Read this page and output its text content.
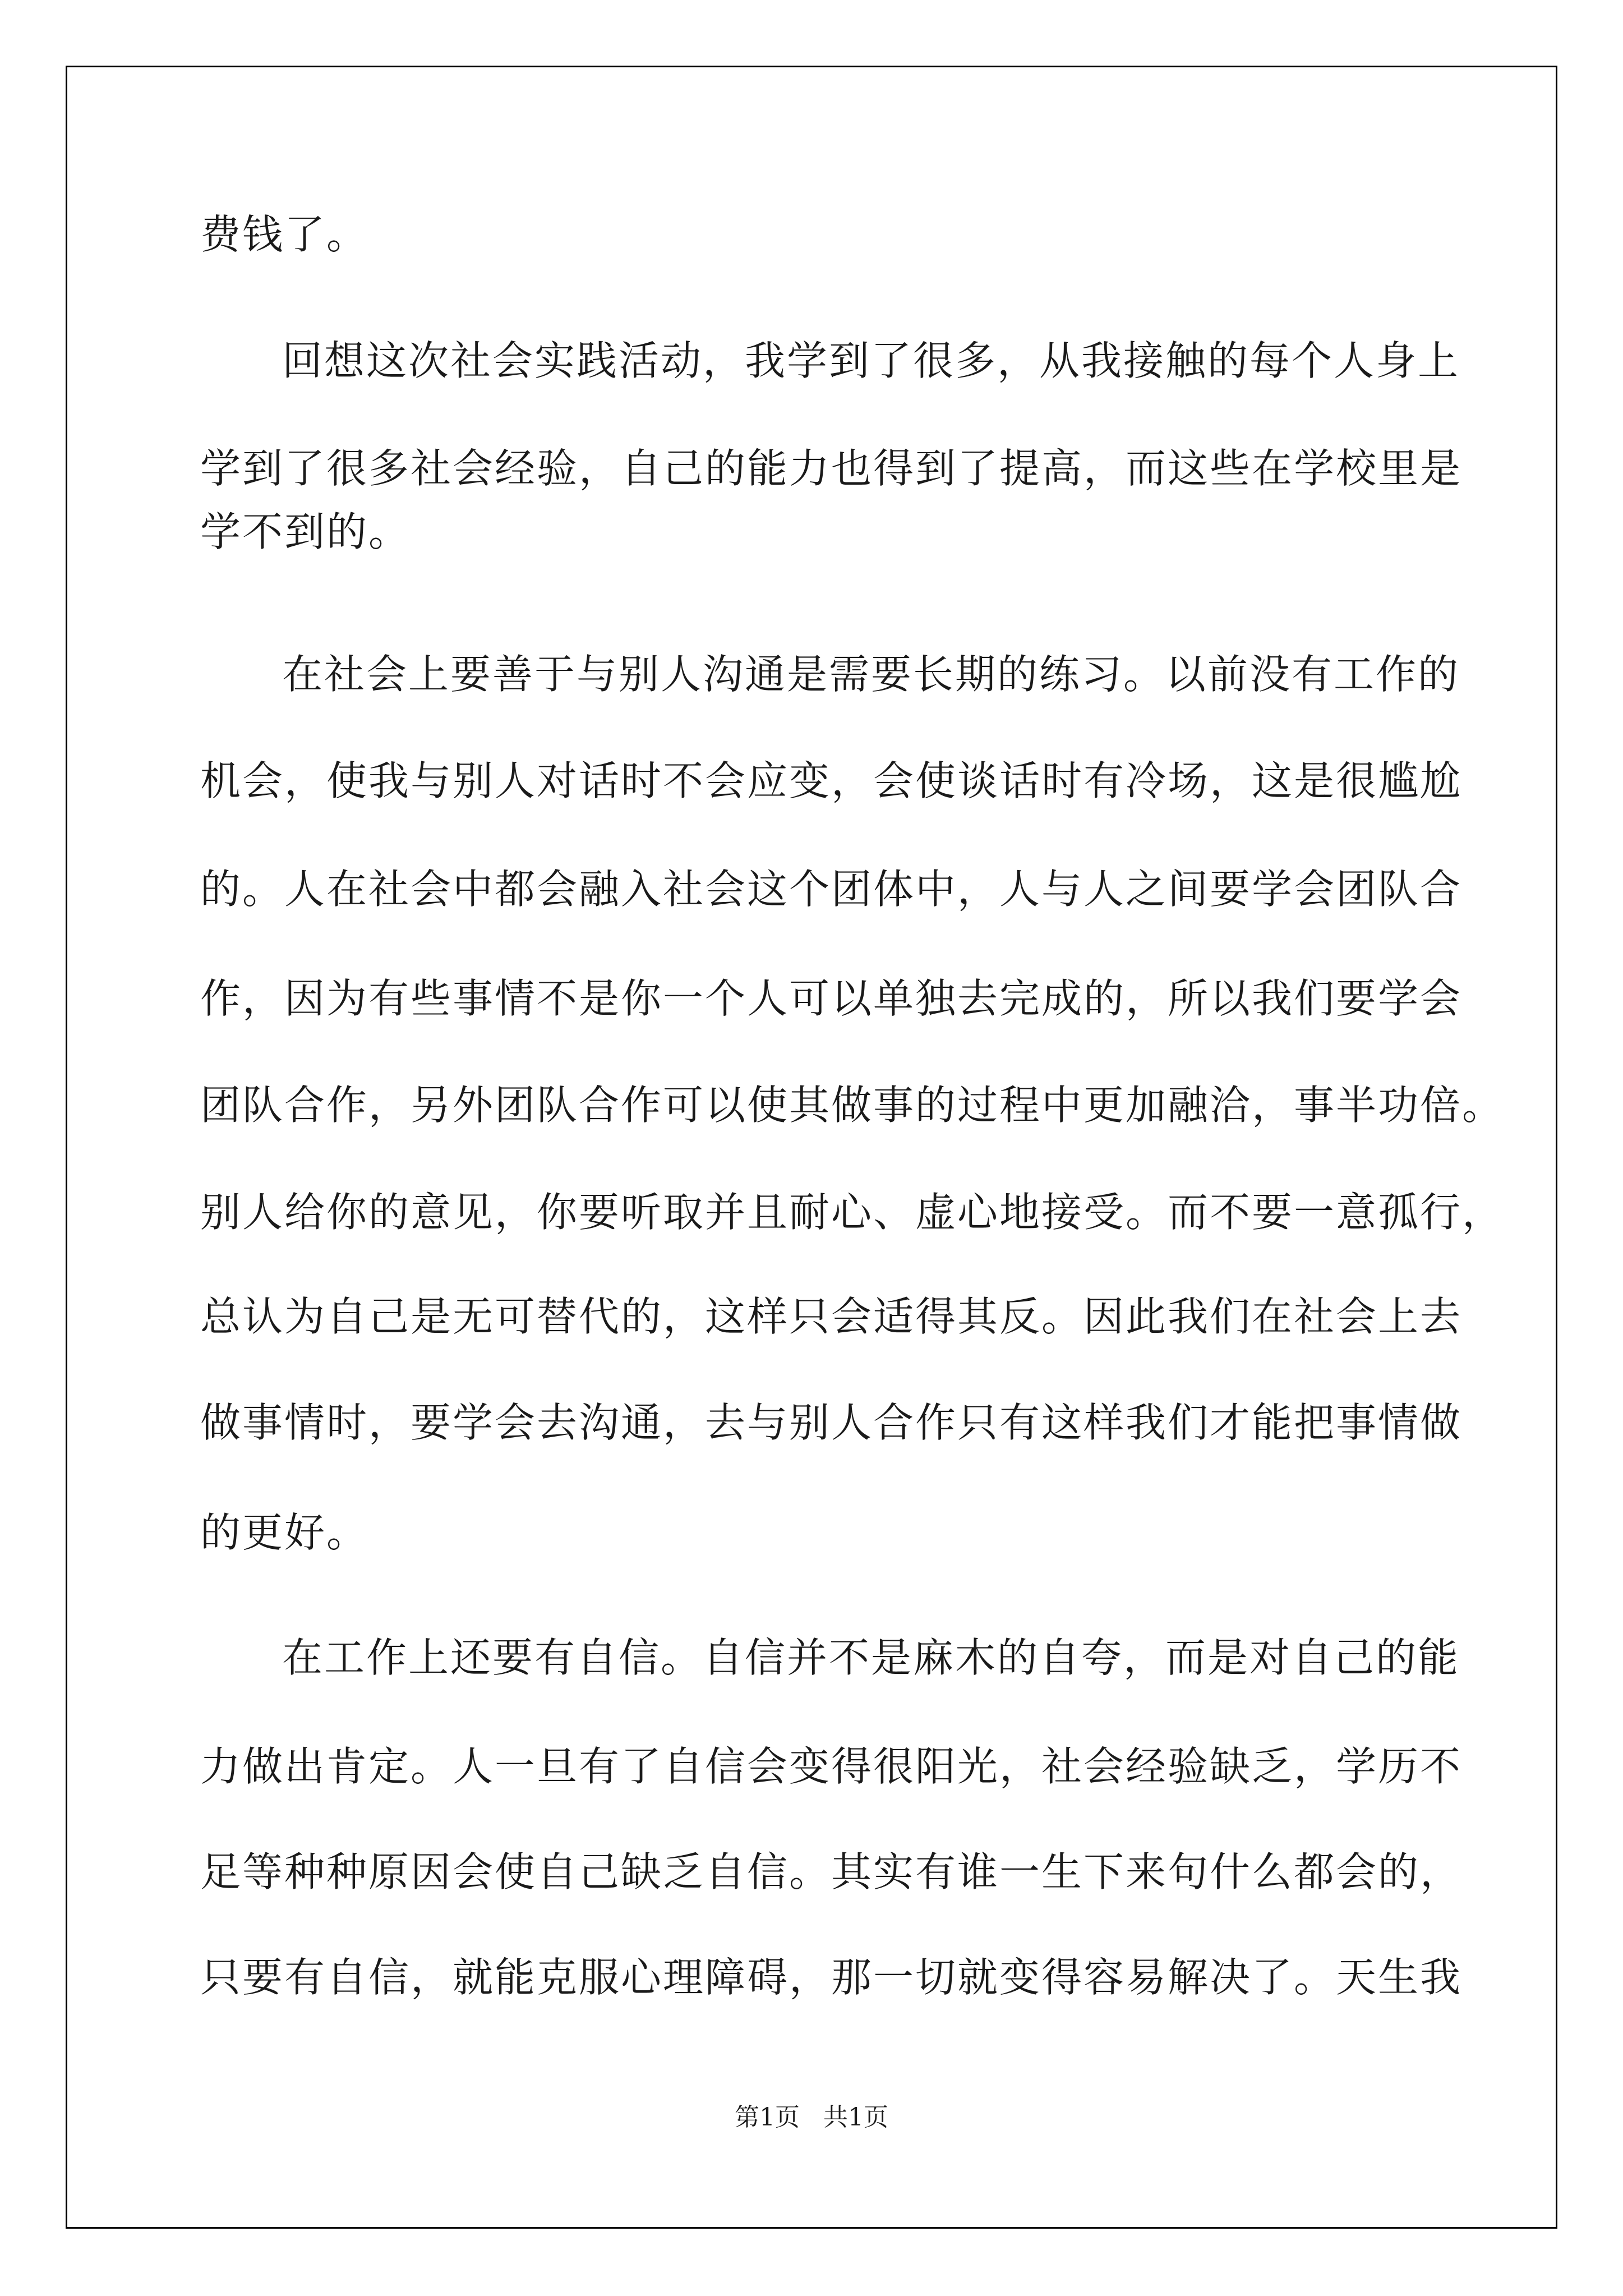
费钱了。
回想这次社会实践活动，我学到了很多，从我接触的每个人身上
学到了很多社会经验，自己的能力也得到了提高，而这些在学校里是
学不到的。
在社会上要善于与别人沟通是需要长期的练习。以前没有工作的
机会，使我与别人对话时不会应变，会使谈话时有冷场，这是很尴尬
的。人在社会中都会融入社会这个团体中，人与人之间要学会团队合
作，因为有些事情不是你一个人可以单独去完成的，所以我们要学会
团队合作，另外团队合作可以使其做事的过程中更加融洽，事半功倍。
别人给你的意见，你要听取并且耐心、虚心地接受。而不要一意孤行，
总认为自己是无可替代的，这样只会适得其反。因此我们在社会上去
做事情时，要学会去沟通，去与别人合作只有这样我们才能把事情做
的更好。
在工作上还要有自信。自信并不是麻木的自夸，而是对自己的能
力做出肯定。人一旦有了自信会变得很阳光，社会经验缺乏，学历不
足等种种原因会使自己缺乏自信。其实有谁一生下来句什么都会的，
只要有自信，就能克服心理障碍，那一切就变得容易解决了。天生我
第1页   共1页
